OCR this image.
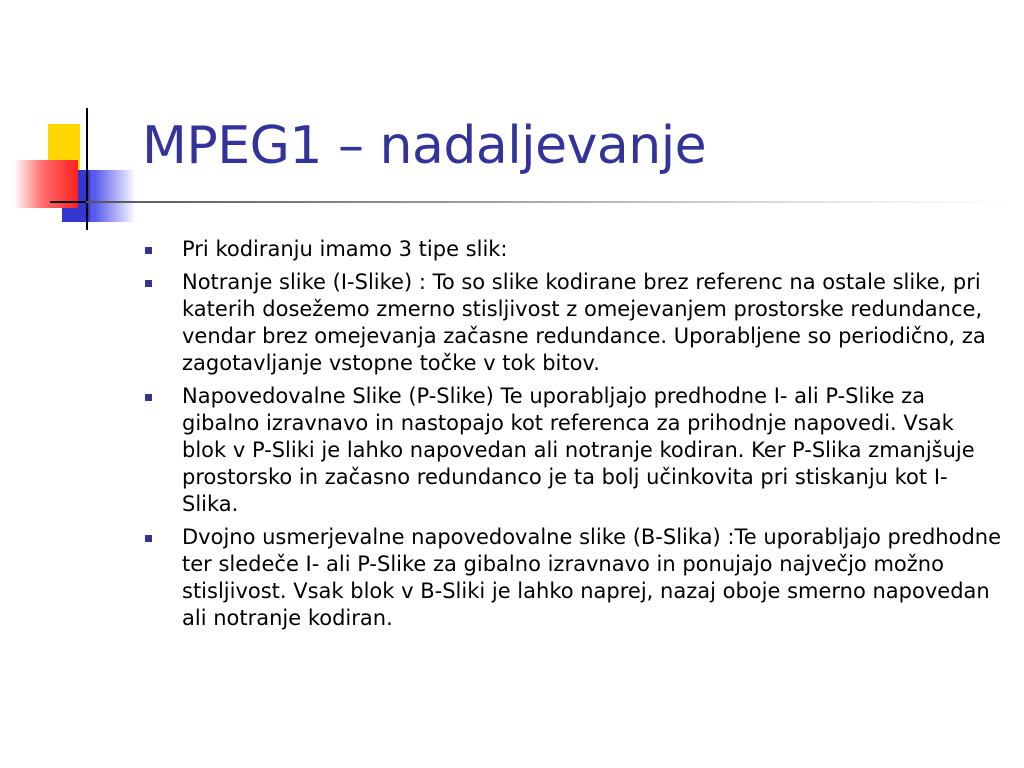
MPEG1 – nadaljevanje
Pri kodiranju imamo 3 tipe slik:
Notranje slike (I-Slike) : To so slike kodirane brez referenc na ostale slike, pri katerih dosežemo zmerno stisljivost z omejevanjem prostorske redundance, vendar brez omejevanja začasne redundance. Uporabljene so periodično, za zagotavljanje vstopne točke v tok bitov.
Napovedovalne Slike (P-Slike) Te uporabljajo predhodne I- ali P-Slike za gibalno izravnavo in nastopajo kot referenca za prihodnje napovedi. Vsak blok v P-Sliki je lahko napovedan ali notranje kodiran. Ker P-Slika zmanjšuje prostorsko in začasno redundanco je ta bolj učinkovita pri stiskanju kot I-Slika.
Dvojno usmerjevalne napovedovalne slike (B-Slika) :Te uporabljajo predhodne ter sledeče I- ali P-Slike za gibalno izravnavo in ponujajo največjo možno stisljivost. Vsak blok v B-Sliki je lahko naprej, nazaj oboje smerno napovedan ali notranje kodiran.
